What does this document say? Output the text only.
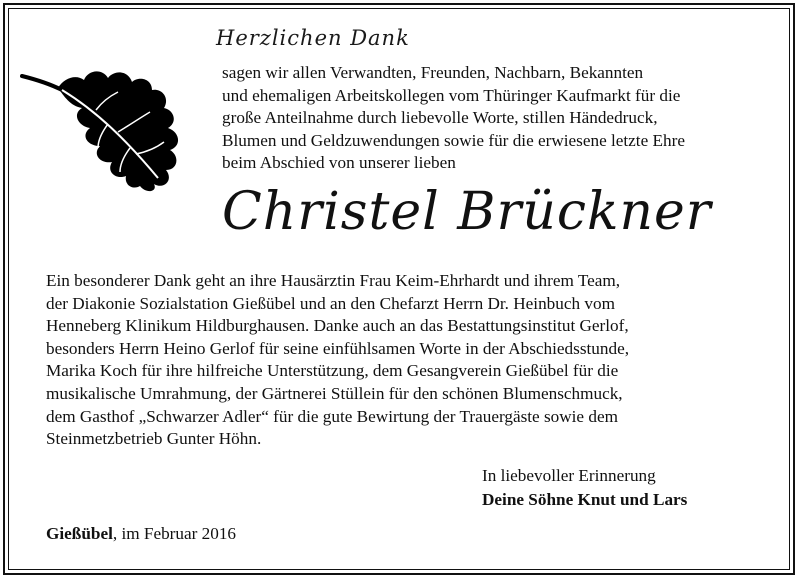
Herzlichen Dank
sagen wir allen Verwandten, Freunden, Nachbarn, Bekannten
und ehemaligen Arbeitskollegen vom Thüringer Kaufmarkt für die
große Anteilnahme durch liebevolle Worte, stillen Händedruck,
Blumen und Geldzuwendungen sowie für die erwiesene letzte Ehre
beim Abschied von unserer lieben
Christel Brückner
Ein besonderer Dank geht an ihre Hausärztin Frau Keim-Ehrhardt und ihrem Team,
der Diakonie Sozialstation Gießübel und an den Chefarzt Herrn Dr. Heinbuch vom
Henneberg Klinikum Hildburghausen. Danke auch an das Bestattungsinstitut Gerlof,
besonders Herrn Heino Gerlof für seine einfühlsamen Worte in der Abschiedsstunde,
Marika Koch für ihre hilfreiche Unterstützung, dem Gesangverein Gießübel für die
musikalische Umrahmung, der Gärtnerei Stüllein für den schönen Blumenschmuck,
dem Gasthof „Schwarzer Adler“ für die gute Bewirtung der Trauergäste sowie dem
Steinmetzbetrieb Gunter Höhn.
In liebevoller Erinnerung
Deine Söhne Knut und Lars
Gießübel, im Februar 2016
